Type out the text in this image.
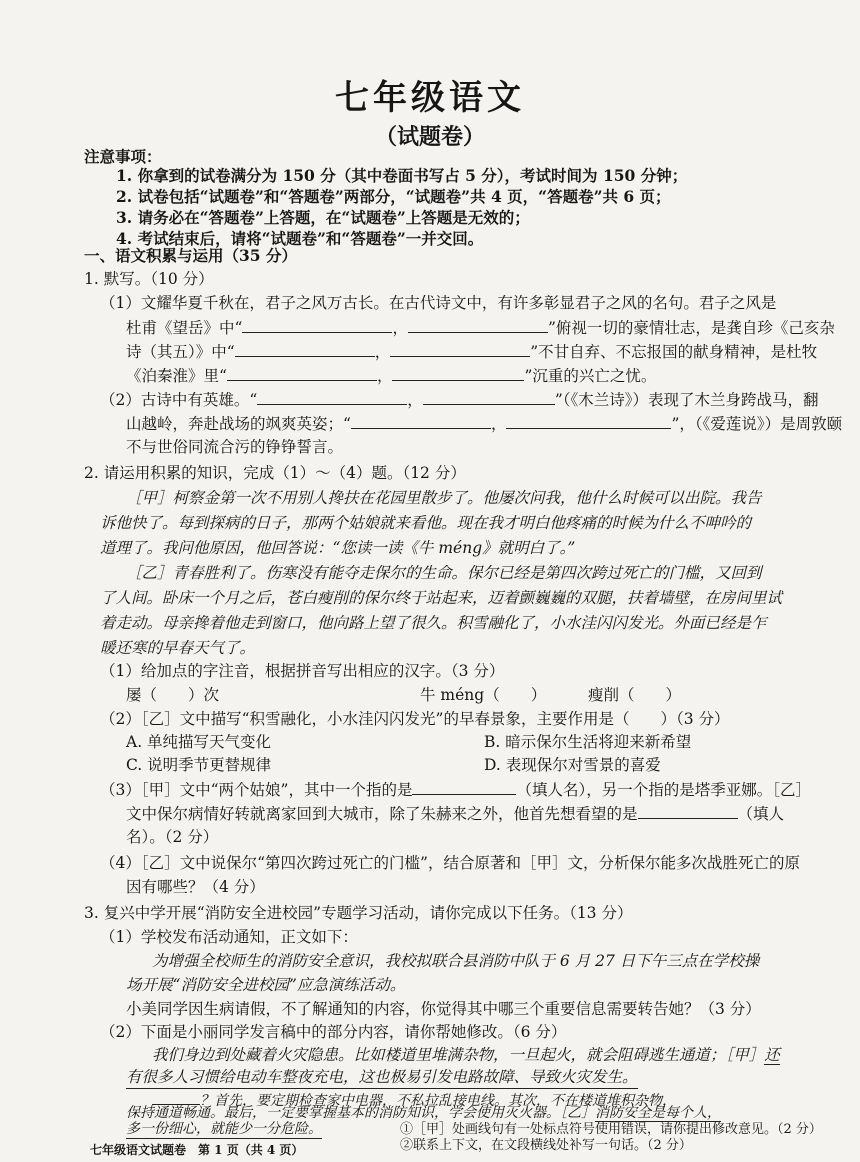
七年级语文
（试题卷）
注意事项：
1. 你拿到的试卷满分为 150 分（其中卷面书写占 5 分），考试时间为 150 分钟；
2. 试卷包括“试题卷”和“答题卷”两部分，“试题卷”共 4 页，“答题卷”共 6 页；
3. 请务必在“答题卷”上答题，在“试题卷”上答题是无效的；
4. 考试结束后，请将“试题卷”和“答题卷”一并交回。
一、语文积累与运用（35 分）
1. 默写。（10 分）
（1）文耀华夏千秋在，君子之风万古长。在古代诗文中，有许多彰显君子之风的名句。君子之风是
杜甫《望岳》中“	，	”俯视一切的豪情壮志，是龚自珍《己亥杂
诗（其五）》中“	，	”不甘自弃、不忘报国的献身精神，是杜牧
《泊秦淮》里“	，	”沉重的兴亡之忧。
（2）古诗中有英雄。“	，	”（《木兰诗》）表现了木兰身跨战马，翻
山越岭，奔赴战场的飒爽英姿；“	，	”，（《爱莲说》）是周敦颐
不与世俗同流合污的铮铮誓言。
2. 请运用积累的知识，完成（1）～（4）题。（12 分）
［甲］柯察金第一次不用别人搀扶在花园里散步了。他屡次问我，他什么时候可以出院。我告
诉他快了。每到探病的日子，那两个姑娘就来看他。现在我才明白他疼痛的时候为什么不呻吟的
道理了。我问他原因，他回答说：“您读一读《牛 méng》就明白了。”
［乙］青春胜利了。伤寒没有能夺走保尔的生命。保尔已经是第四次跨过死亡的门槛，又回到
了人间。卧床一个月之后，苍白瘦削的保尔终于站起来，迈着颤巍巍的双腿，扶着墙壁，在房间里试
着走动。母亲搀着他走到窗口，他向路上望了很久。积雪融化了，小水洼闪闪发光。外面已经是乍
暖还寒的早春天气了。
（1）给加点的字注音，根据拼音写出相应的汉字。（3 分）
屡（　　）次	牛 méng（　　）	瘦削（　　）
（2）［乙］文中描写“积雪融化，小水洼闪闪发光”的早春景象，主要作用是（　　）（3 分）
A. 单纯描写天气变化	B. 暗示保尔生活将迎来新希望
C. 说明季节更替规律	D. 表现保尔对雪景的喜爱
（3）［甲］文中“两个姑娘”，其中一个指的是	（填人名），另一个指的是塔季亚娜。［乙］
文中保尔病情好转就离家回到大城市，除了朱赫来之外，他首先想看望的是	（填人
名）。（2 分）
（4）［乙］文中说保尔“第四次跨过死亡的门槛”，结合原著和［甲］文，分析保尔能多次战胜死亡的原
因有哪些？（4 分）
3. 复兴中学开展“消防安全进校园”专题学习活动，请你完成以下任务。（13 分）
（1）学校发布活动通知，正文如下：
为增强全校师生的消防安全意识，我校拟联合县消防中队于 6 月 27 日下午三点在学校操
场开展“消防安全进校园”应急演练活动。
小美同学因生病请假，不了解通知的内容，你觉得其中哪三个重要信息需要转告她？（3 分）
（2）下面是小丽同学发言稿中的部分内容，请你帮她修改。（6 分）
我们身边到处藏着火灾隐患。比如楼道里堆满杂物，一旦起火，就会阻碍逃生通道；［甲］还
有很多人习惯给电动车整夜充电，这也极易引发电路故障、导致火灾发生。
？首先，要定期检查家中电器，不私拉乱接电线。其次，不在楼道堆积杂物，
保持通道畅通。最后，一定要掌握基本的消防知识，学会使用灭火器。［乙］消防安全是每个人，
多一份细心，就能少一分危险。	①［甲］处画线句有一处标点符号使用错误，请你提出修改意见。（2 分）
②联系上下文，在文段横线处补写一句话。（2 分）
七年级语文试题卷　第 1 页（共 4 页）
